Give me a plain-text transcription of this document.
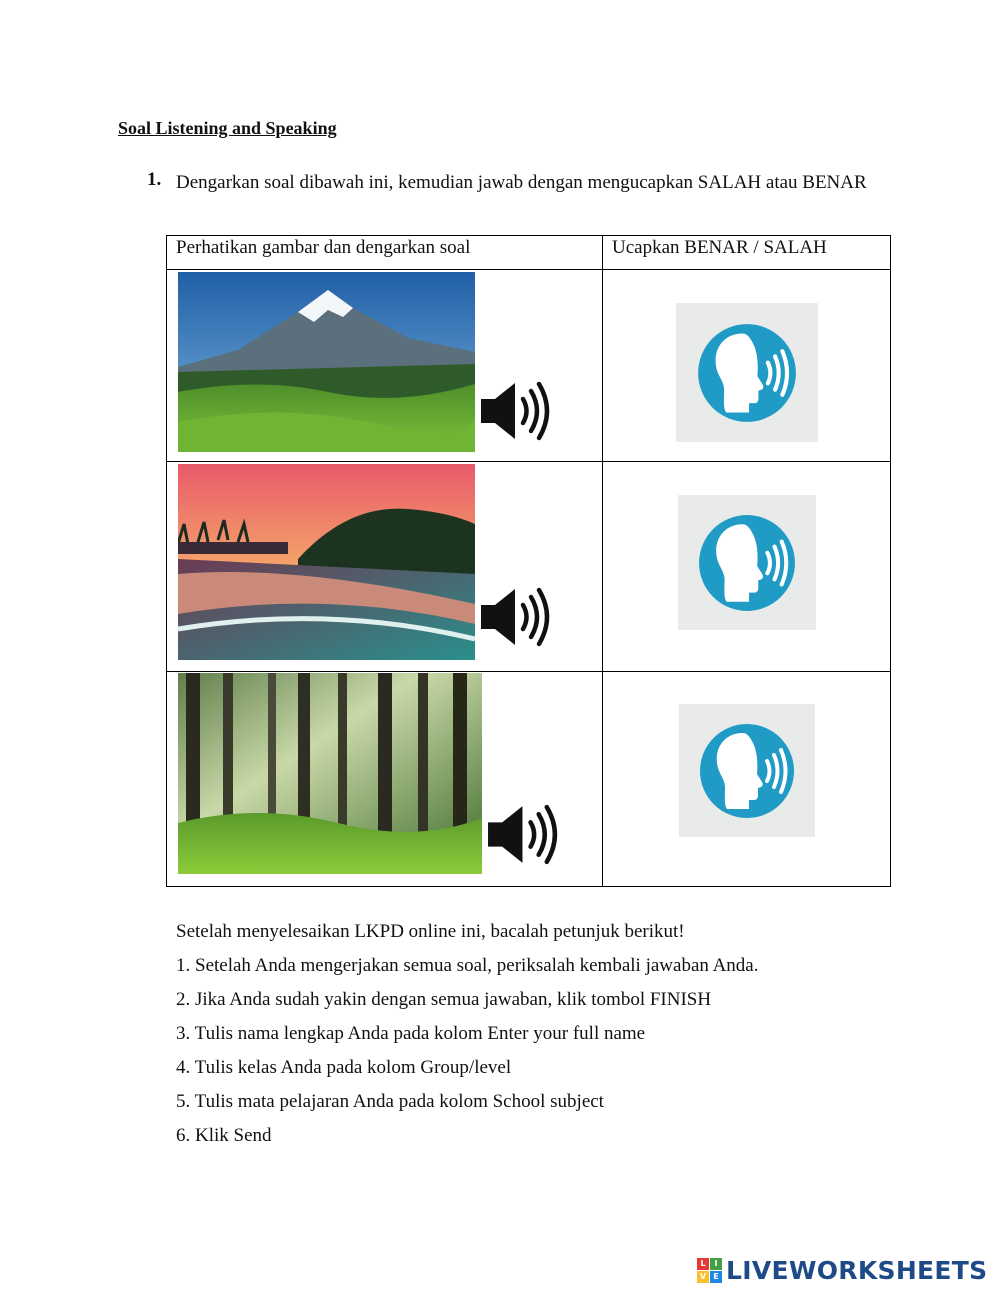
Soal Listening and Speaking
1. Dengarkan soal dibawah ini, kemudian jawab dengan mengucapkan SALAH atau BENAR
Perhatikan gambar dan dengarkan soal	Ucapkan BENAR / SALAH

Setelah menyelesaikan LKPD online ini, bacalah petunjuk berikut!
1. Setelah Anda mengerjakan semua soal, periksalah kembali jawaban Anda.
2. Jika Anda sudah yakin dengan semua jawaban, klik tombol FINISH
3. Tulis nama lengkap Anda pada kolom Enter your full name
4. Tulis kelas Anda pada kolom Group/level
5. Tulis mata pelajaran Anda pada kolom School subject
6. Klik Send
L	I
V E LIVEWORKSHEETS
